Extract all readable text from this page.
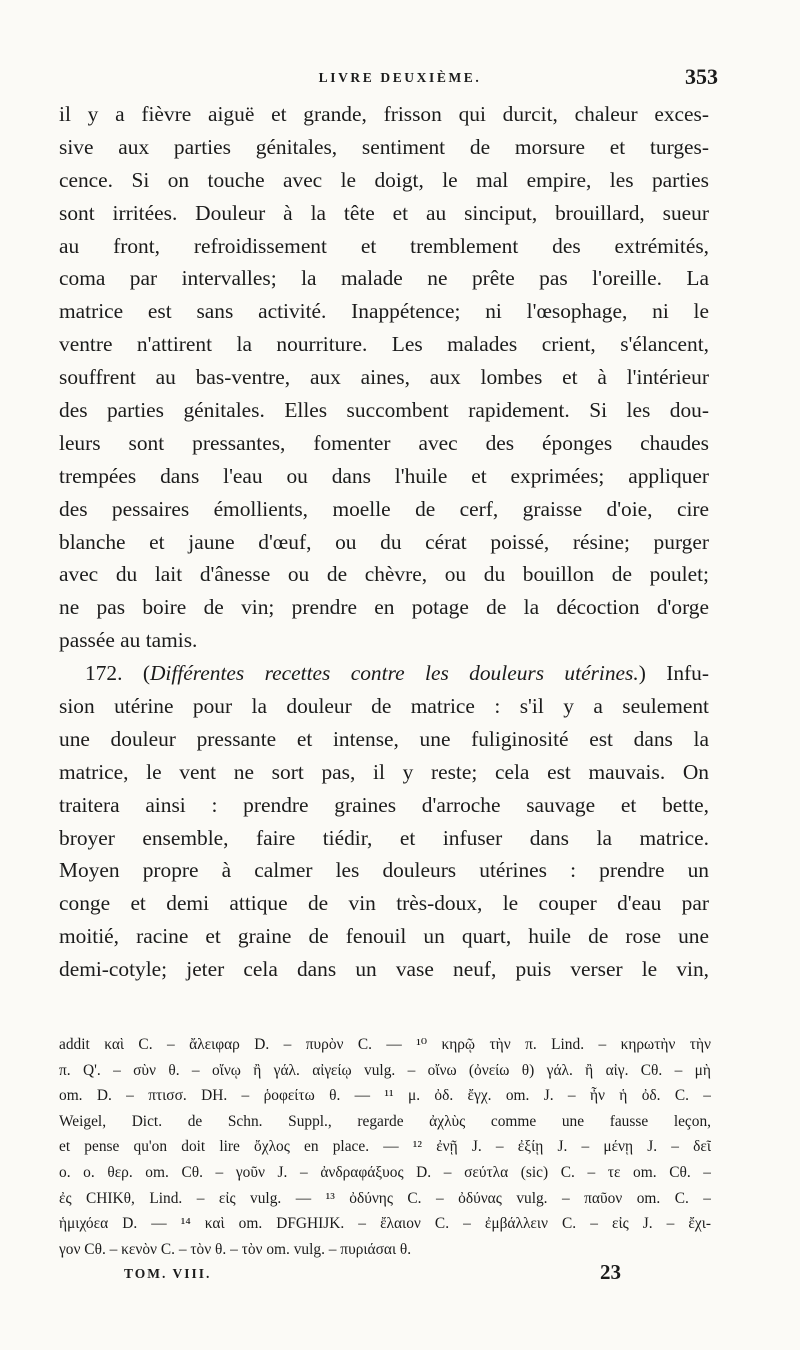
LIVRE DEUXIÈME.	353
il y a fièvre aiguë et grande, frisson qui durcit, chaleur exces-
sive aux parties génitales, sentiment de morsure et turges-
cence. Si on touche avec le doigt, le mal empire, les parties
sont irritées. Douleur à la tête et au sinciput, brouillard, sueur
au front, refroidissement et tremblement des extrémités,
coma par intervalles; la malade ne prête pas l'oreille. La
matrice est sans activité. Inappétence; ni l'œsophage, ni le
ventre n'attirent la nourriture. Les malades crient, s'élancent,
souffrent au bas-ventre, aux aines, aux lombes et à l'intérieur
des parties génitales. Elles succombent rapidement. Si les dou-
leurs sont pressantes, fomenter avec des éponges chaudes
trempées dans l'eau ou dans l'huile et exprimées; appliquer
des pessaires émollients, moelle de cerf, graisse d'oie, cire
blanche et jaune d'œuf, ou du cérat poissé, résine; purger
avec du lait d'ânesse ou de chèvre, ou du bouillon de poulet;
ne pas boire de vin; prendre en potage de la décoction d'orge
passée au tamis.
172. (Différentes recettes contre les douleurs utérines.) Infu-
sion utérine pour la douleur de matrice : s'il y a seulement
une douleur pressante et intense, une fuliginosité est dans la
matrice, le vent ne sort pas, il y reste; cela est mauvais. On
traitera ainsi : prendre graines d'arroche sauvage et bette,
broyer ensemble, faire tiédir, et infuser dans la matrice.
Moyen propre à calmer les douleurs utérines : prendre un
conge et demi attique de vin très-doux, le couper d'eau par
moitié, racine et graine de fenouil un quart, huile de rose une
demi-cotyle; jeter cela dans un vase neuf, puis verser le vin,
addit καὶ C. – ἄλειφαρ D. – πυρὸν C. — ¹⁰ κηρῷ τὴν π. Lind. – κηρωτὴν τὴν
π. Q'. – σὺν θ. – οἴνῳ ἢ γάλ. αἰγείῳ vulg. – οἴνω (ὀνείω θ) γάλ. ἢ αἰγ. Cθ. – μὴ
om. D. – πτισσ. DH. – ῥοφείτω θ. — ¹¹ μ. ὀδ. ἔγχ. om. J. – ἦν ἡ ὀδ. C. –
Weigel, Dict. de Schn. Suppl., regarde ἀχλὺς comme une fausse leçon,
et pense qu'on doit lire ὄχλος en place. — ¹² ἐνῇ J. – ἐξίῃ J. – μένῃ J. – δεῖ
ο. ο. θερ. om. Cθ. – γοῦν J. – ἀνδραφάξυος D. – σεύτλα (sic) C. – τε om. Cθ. –
ἐς CHIKθ, Lind. – εἰς vulg. — ¹³ ὀδύνης C. – ὀδύνας vulg. – παῦον om. C. –
ἡμιχόεα D. — ¹⁴ καὶ om. DFGHIJK. – ἔλαιον C. – ἐμβάλλειν C. – εἰς J. – ἔχι-
γον Cθ. – κενὸν C. – τὸν θ. – τὸν om. vulg. – πυριάσαι θ.
TOM. VIII.	23
